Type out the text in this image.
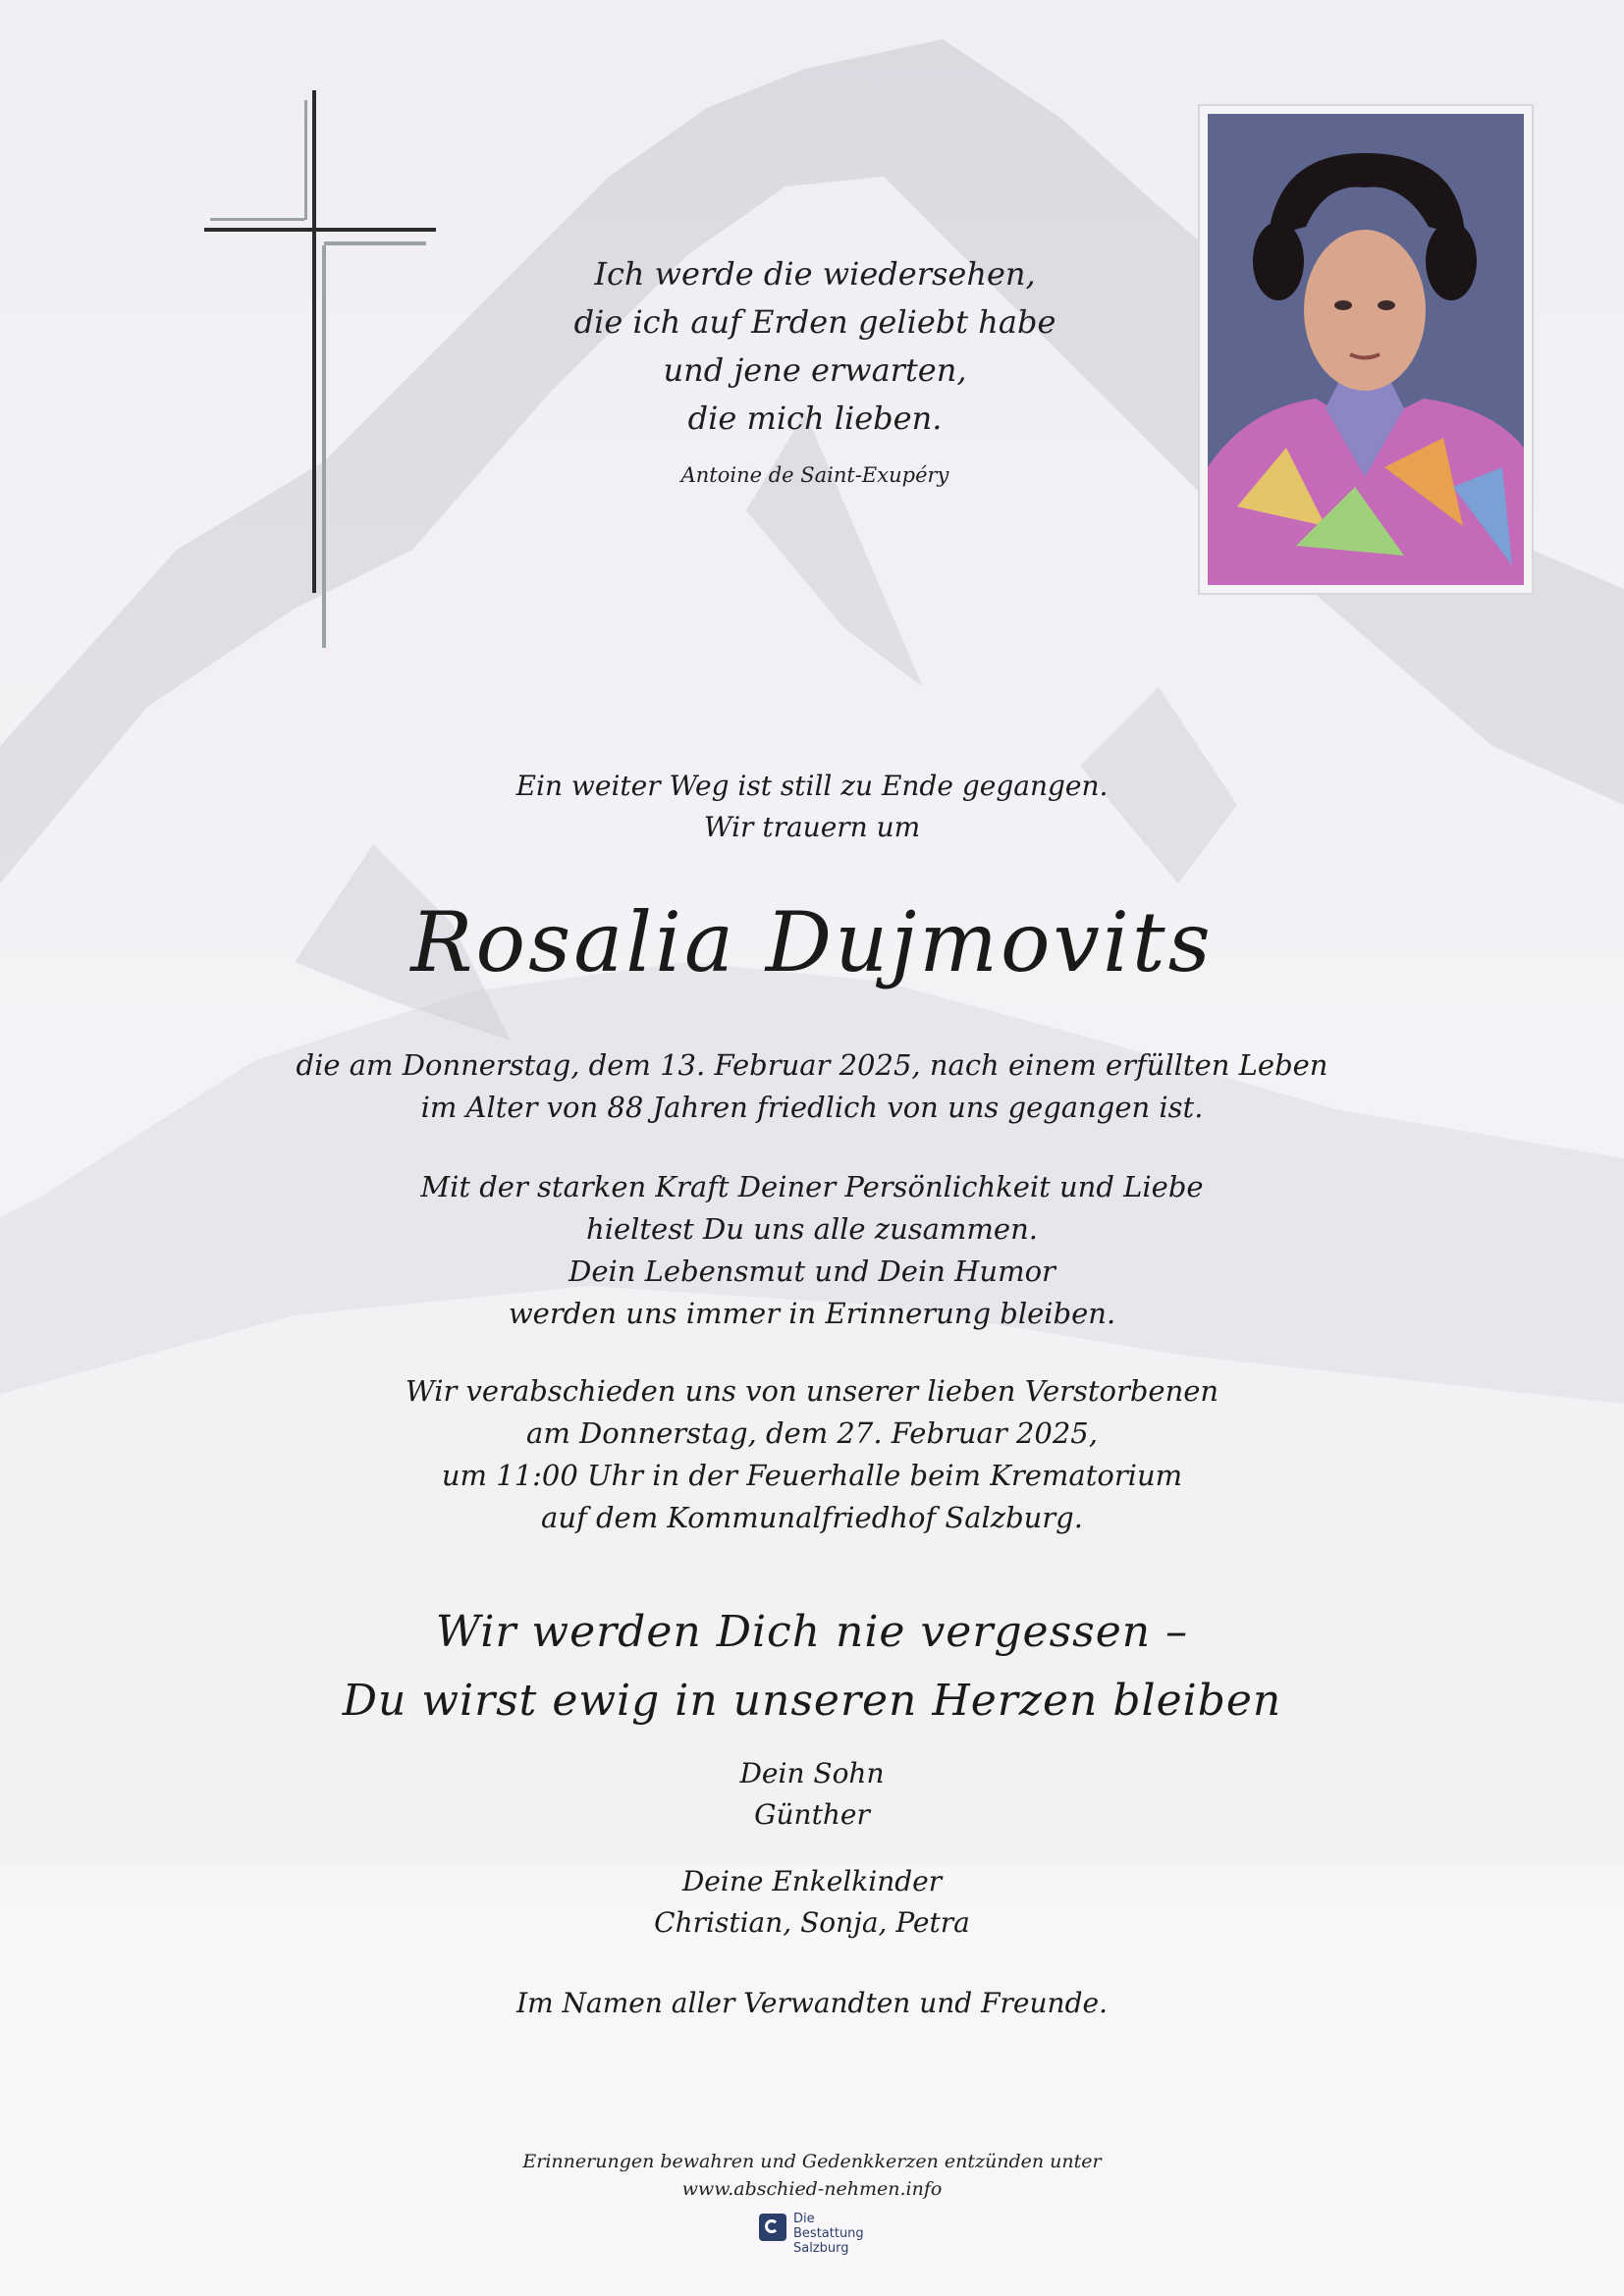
Ich werde die wiedersehen,
die ich auf Erden geliebt habe
und jene erwarten,
die mich lieben.
Antoine de Saint-Exupéry
Ein weiter Weg ist still zu Ende gegangen.
Wir trauern um
Rosalia Dujmovits
die am Donnerstag, dem 13. Februar 2025, nach einem erfüllten Leben
im Alter von 88 Jahren friedlich von uns gegangen ist.
Mit der starken Kraft Deiner Persönlichkeit und Liebe
hieltest Du uns alle zusammen.
Dein Lebensmut und Dein Humor
werden uns immer in Erinnerung bleiben.
Wir verabschieden uns von unserer lieben Verstorbenen
am Donnerstag, dem 27. Februar 2025,
um 11:00 Uhr in der Feuerhalle beim Krematorium
auf dem Kommunalfriedhof Salzburg.
Wir werden Dich nie vergessen –
Du wirst ewig in unseren Herzen bleiben
Dein Sohn
Günther
Deine Enkelkinder
Christian, Sonja, Petra
Im Namen aller Verwandten und Freunde.
Erinnerungen bewahren und Gedenkkerzen entzünden unter
www.abschied-nehmen.info
Die Bestattung
Salzburg
